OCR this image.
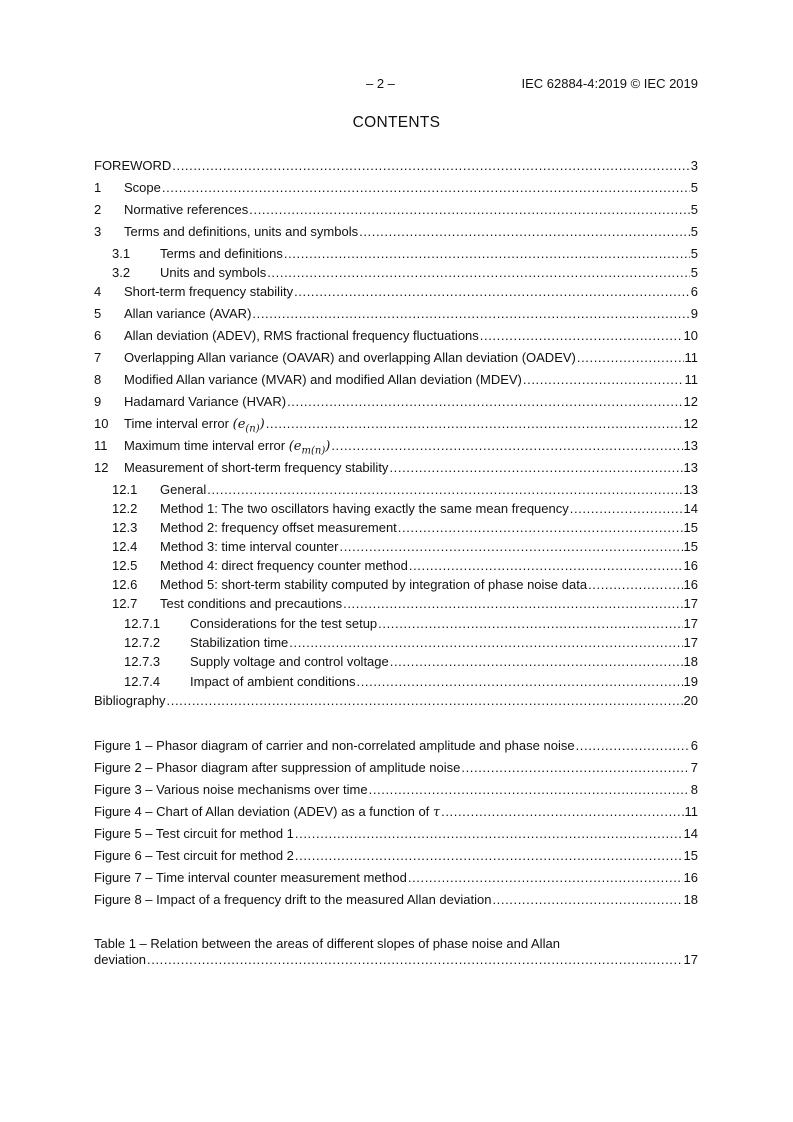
– 2 –	IEC 62884-4:2019 © IEC 2019
CONTENTS
FOREWORD .....	3
1	Scope .....	5
2	Normative references .....	5
3	Terms and definitions, units and symbols .....	5
3.1	Terms and definitions .....	5
3.2	Units and symbols .....	5
4	Short-term frequency stability .....	6
5	Allan variance (AVAR) .....	9
6	Allan deviation (ADEV), RMS fractional frequency fluctuations .....	10
7	Overlapping Allan variance (OAVAR) and overlapping Allan deviation (OADEV) .....	11
8	Modified Allan variance (MVAR) and modified Allan deviation (MDEV) .....	11
9	Hadamard Variance (HVAR) .....	12
10	Time interval error $(e_{(n)})$ .....	12
11	Maximum time interval error $(e_{m(n)})$ .....	13
12	Measurement of short-term frequency stability .....	13
12.1	General .....	13
12.2	Method 1: The two oscillators having exactly the same mean frequency .....	14
12.3	Method 2: frequency offset measurement .....	15
12.4	Method 3: time interval counter .....	15
12.5	Method 4: direct frequency counter method .....	16
12.6	Method 5: short-term stability computed by integration of phase noise data .....	16
12.7	Test conditions and precautions .....	17
12.7.1	Considerations for the test setup .....	17
12.7.2	Stabilization time .....	17
12.7.3	Supply voltage and control voltage .....	18
12.7.4	Impact of ambient conditions .....	19
Bibliography .....	20
Figure 1 – Phasor diagram of carrier and non-correlated amplitude and phase noise .....	6
Figure 2 – Phasor diagram after suppression of amplitude noise .....	7
Figure 3 – Various noise mechanisms over time .....	8
Figure 4 – Chart of Allan deviation (ADEV) as a function of τ .....	11
Figure 5 – Test circuit for method 1 .....	14
Figure 6 – Test circuit for method 2 .....	15
Figure 7 – Time interval counter measurement method .....	16
Figure 8 – Impact of a frequency drift to the measured Allan deviation .....	18
Table 1 – Relation between the areas of different slopes of phase noise and Allan
deviation .....	17
